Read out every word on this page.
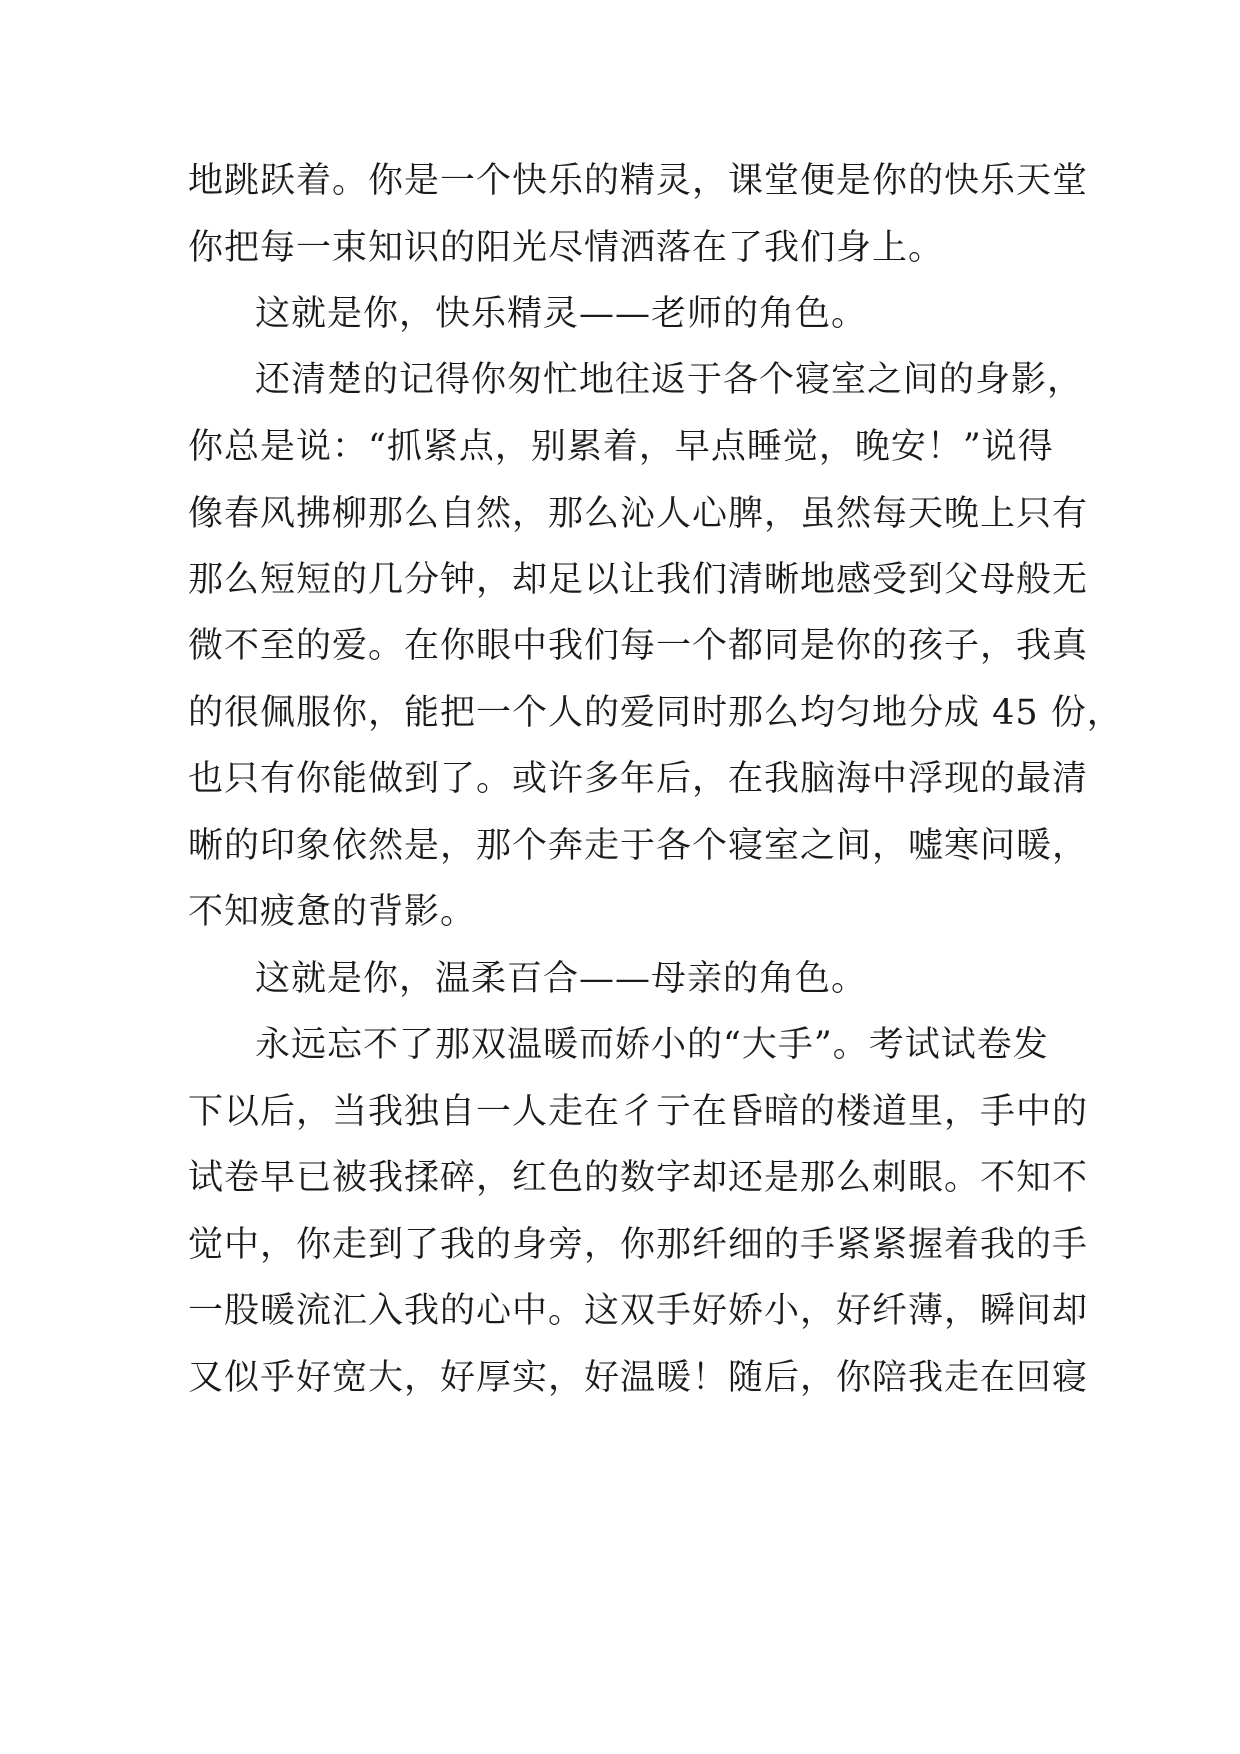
地跳跃着。你是一个快乐的精灵，课堂便是你的快乐天堂
你把每一束知识的阳光尽情洒落在了我们身上。
这就是你，快乐精灵——老师的角色。
还清楚的记得你匆忙地往返于各个寝室之间的身影，
你总是说：“抓紧点，别累着，早点睡觉，晚安！”说得
像春风拂柳那么自然，那么沁人心脾，虽然每天晚上只有
那么短短的几分钟，却足以让我们清晰地感受到父母般无
微不至的爱。在你眼中我们每一个都同是你的孩子，我真
的很佩服你，能把一个人的爱同时那么均匀地分成 45 份，
也只有你能做到了。或许多年后，在我脑海中浮现的最清
晰的印象依然是，那个奔走于各个寝室之间，嘘寒问暖，
不知疲惫的背影。
这就是你，温柔百合——母亲的角色。
永远忘不了那双温暖而娇小的“大手”。考试试卷发
下以后，当我独自一人走在彳亍在昏暗的楼道里，手中的
试卷早已被我揉碎，红色的数字却还是那么刺眼。不知不
觉中，你走到了我的身旁，你那纤细的手紧紧握着我的手
一股暖流汇入我的心中。这双手好娇小，好纤薄，瞬间却
又似乎好宽大，好厚实，好温暖！随后，你陪我走在回寝
